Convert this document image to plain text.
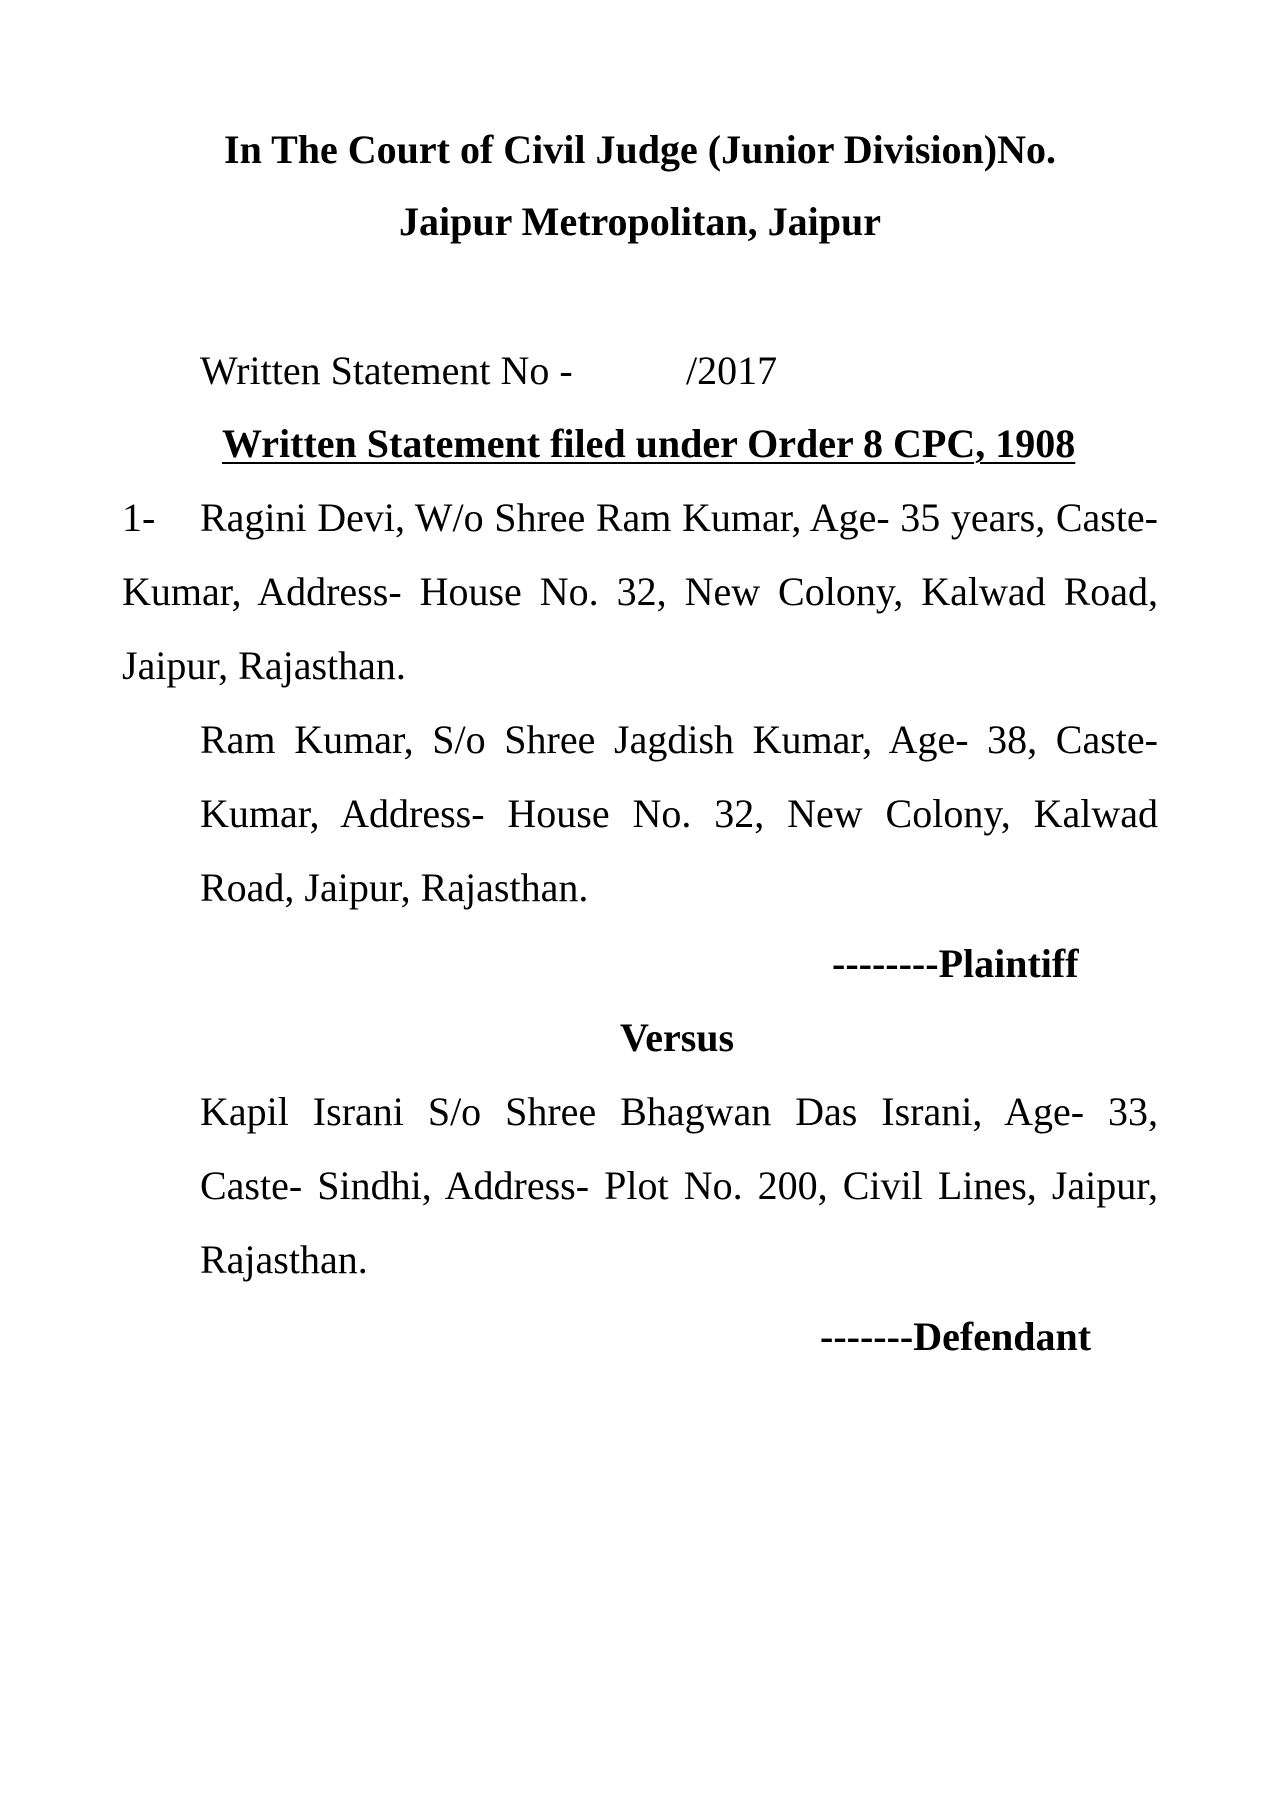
In The Court of Civil Judge (Junior Division)No.
Jaipur Metropolitan, Jaipur
Written Statement No -	/2017
Written Statement filed under Order 8 CPC, 1908
1-	Ragini Devi, W/o Shree Ram Kumar, Age- 35 years, Caste- Kumar, Address- House No. 32, New Colony, Kalwad Road, Jaipur, Rajasthan.
Ram Kumar, S/o Shree Jagdish Kumar, Age- 38, Caste- Kumar, Address- House No. 32, New Colony, Kalwad Road, Jaipur, Rajasthan.
--------Plaintiff
Versus
Kapil Israni S/o Shree Bhagwan Das Israni, Age- 33, Caste- Sindhi, Address- Plot No. 200, Civil Lines, Jaipur, Rajasthan.
-------Defendant
